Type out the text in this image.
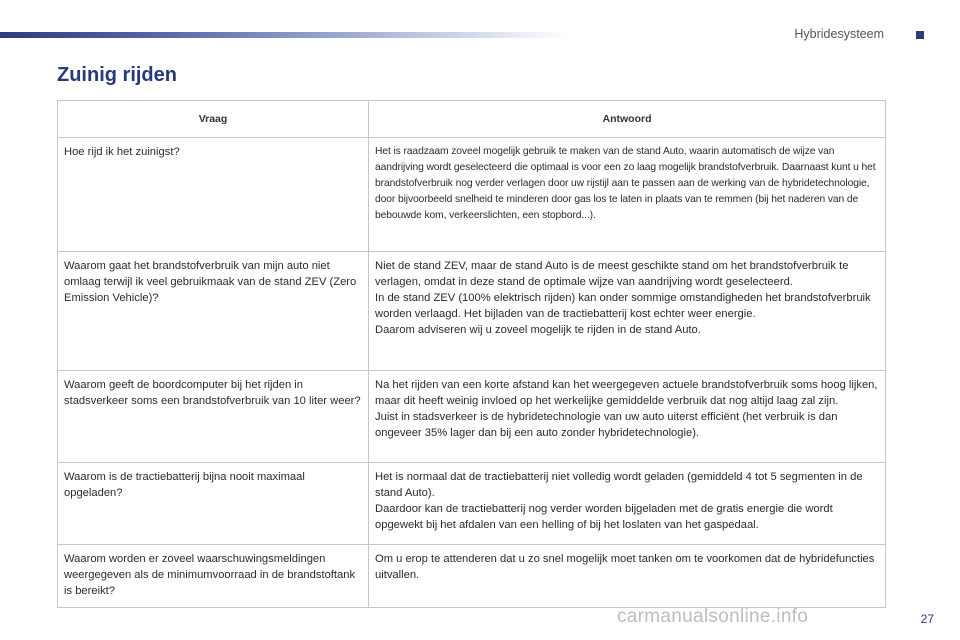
Hybridesysteem
Zuinig rijden
Vraag	Antwoord
Hoe rijd ik het zuinigst?	Het is raadzaam zoveel mogelijk gebruik te maken van de stand Auto, waarin automatisch de wijze van aandrijving wordt geselecteerd die optimaal is voor een zo laag mogelijk brandstofverbruik. Daarnaast kunt u het brandstofverbruik nog verder verlagen door uw rijstijl aan te passen aan de werking van de hybridetechnologie, door bijvoorbeeld snelheid te minderen door gas los te laten in plaats van te remmen (bij het naderen van de bebouwde kom, verkeerslichten, een stopbord...).
Waarom gaat het brandstofverbruik van mijn auto niet omlaag terwijl ik veel gebruikmaak van de stand ZEV (Zero Emission Vehicle)?	Niet de stand ZEV, maar de stand Auto is de meest geschikte stand om het brandstofverbruik te verlagen, omdat in deze stand de optimale wijze van aandrijving wordt geselecteerd.
In de stand ZEV (100% elektrisch rijden) kan onder sommige omstandigheden het brandstofverbruik worden verlaagd. Het bijladen van de tractiebatterij kost echter weer energie.
Daarom adviseren wij u zoveel mogelijk te rijden in de stand Auto.

Waarom geeft de boordcomputer bij het rijden in stadsverkeer soms een brandstofverbruik van 10 liter weer?	Na het rijden van een korte afstand kan het weergegeven actuele brandstofverbruik soms hoog lijken, maar dit heeft weinig invloed op het werkelijke gemiddelde verbruik dat nog altijd laag zal zijn.
Juist in stadsverkeer is de hybridetechnologie van uw auto uiterst efficiënt (het verbruik is dan ongeveer 35% lager dan bij een auto zonder hybridetechnologie).

Waarom is de tractiebatterij bijna nooit maximaal opgeladen?	Het is normaal dat de tractiebatterij niet volledig wordt geladen (gemiddeld 4 tot 5 segmenten in de stand Auto).
Daardoor kan de tractiebatterij nog verder worden bijgeladen met de gratis energie die wordt opgewekt bij het afdalen van een helling of bij het loslaten van het gaspedaal.

Waarom worden er zoveel waarschuwingsmeldingen weergegeven als de minimumvoorraad in de brandstoftank is bereikt?	Om u erop te attenderen dat u zo snel mogelijk moet tanken om te voorkomen dat de hybridefuncties uitvallen.
carmanualsonline.info	27
